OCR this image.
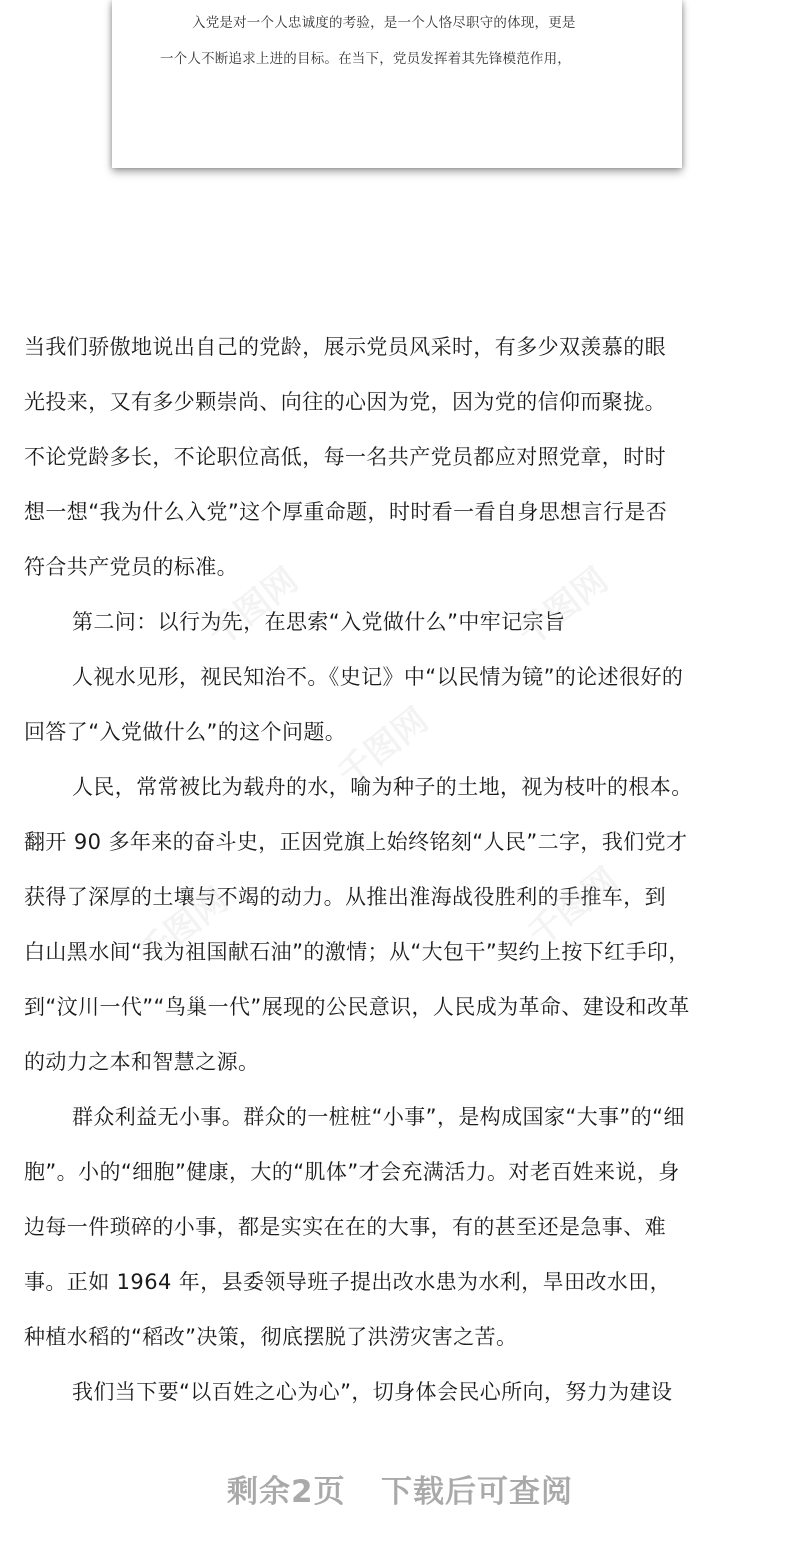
入党是对一个人忠诚度的考验，是一个人恪尽职守的体现，更是
一个人不断追求上进的目标。在当下，党员发挥着其先锋模范作用，
当我们骄傲地说出自己的党龄，展示党员风采时，有多少双羡慕的眼
光投来，又有多少颗崇尚、向往的心因为党，因为党的信仰而聚拢。
不论党龄多长，不论职位高低，每一名共产党员都应对照党章，时时
想一想“我为什么入党”这个厚重命题，时时看一看自身思想言行是否
符合共产党员的标准。
第二问：以行为先，在思索“入党做什么”中牢记宗旨
人视水见形，视民知治不。《史记》中“以民情为镜”的论述很好的
回答了“入党做什么”的这个问题。
人民，常常被比为载舟的水，喻为种子的土地，视为枝叶的根本。
翻开 90 多年来的奋斗史，正因党旗上始终铭刻“人民”二字，我们党才
获得了深厚的土壤与不竭的动力。从推出淮海战役胜利的手推车，到
白山黑水间“我为祖国献石油”的激情；从“大包干”契约上按下红手印，
到“汶川一代”“鸟巢一代”展现的公民意识，人民成为革命、建设和改革
的动力之本和智慧之源。
群众利益无小事。群众的一桩桩“小事”，是构成国家“大事”的“细
胞”。小的“细胞”健康，大的“肌体”才会充满活力。对老百姓来说，身
边每一件琐碎的小事，都是实实在在的大事，有的甚至还是急事、难
事。正如 1964 年，县委领导班子提出改水患为水利，旱田改水田，
种植水稻的“稻改”决策，彻底摆脱了洪涝灾害之苦。
我们当下要“以百姓之心为心”，切身体会民心所向，努力为建设
千图网	千图网
千图网
千图网	千图网
剩余2页   下载后可查阅
